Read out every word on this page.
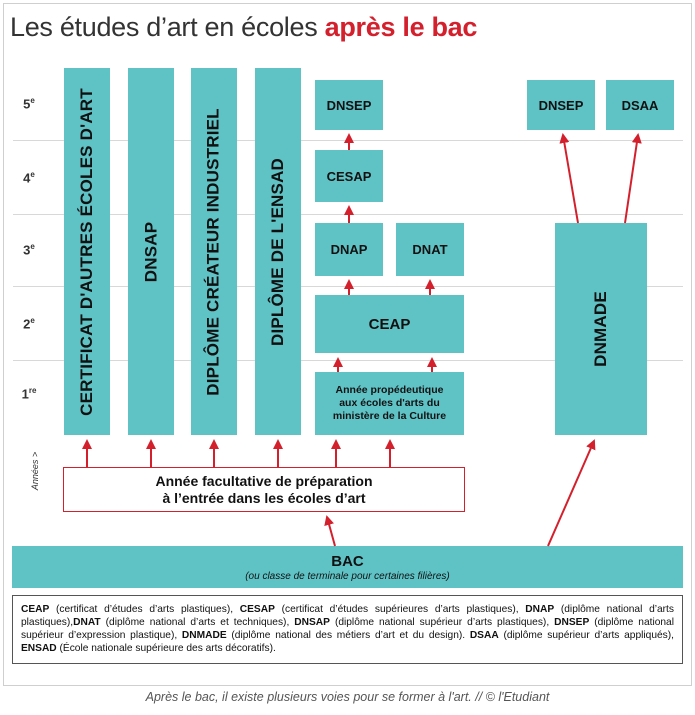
Les études d’art en écoles après le bac
5e
4e
3e
2e
1re
Années >
CERTIFICAT D'AUTRES ÉCOLES D'ART	DNSAP	DIPLÔME CRÉATEUR INDUSTRIEL	DIPLÔME DE L'ENSAD
DNSEP
CESAP
DNAP	DNAT
CEAP
Année propédeutique
aux écoles d'arts du
ministère de la Culture
DNSEP	DSAA
DNMADE
Année facultative de préparation
à l’entrée dans les écoles d’art
BAC
(ou classe de terminale pour certaines filières)
CEAP (certificat d’études d’arts plastiques), CESAP (certificat d’études supérieures d’arts plastiques), DNAP (diplôme national d’arts plastiques),DNAT (diplôme national d’arts et techniques), DNSAP (diplôme national supérieur d’arts plastiques), DNSEP (diplôme national supérieur d’expression plastique), DNMADE (diplôme national des métiers d’art et du design). DSAA (diplôme supérieur d’arts appliqués), ENSAD (École nationale supérieure des arts décoratifs).
Après le bac, il existe plusieurs voies pour se former à l'art. // © l'Etudiant
